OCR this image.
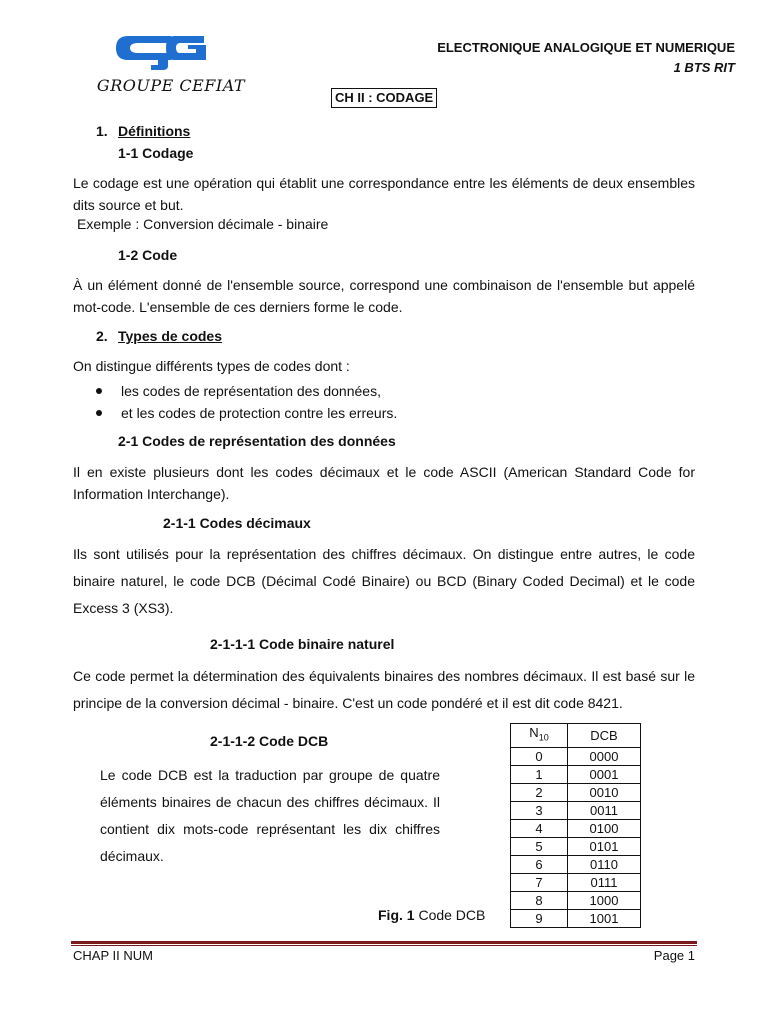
GROUPE CEFIAT
ELECTRONIQUE ANALOGIQUE ET NUMERIQUE
1 BTS RIT
CH II : CODAGE
1. Définitions
1-1 Codage
Le codage est une opération qui établit une correspondance entre les éléments de deux ensembles dits source et but.
Exemple : Conversion décimale - binaire
1-2 Code
À un élément donné de l'ensemble source, correspond une combinaison de l'ensemble but appelé mot-code. L'ensemble de ces derniers forme le code.
2. Types de codes
On distingue différents types de codes dont :
les codes de représentation des données,
et les codes de protection contre les erreurs.
2-1 Codes de représentation des données
Il en existe plusieurs dont les codes décimaux et le code ASCII (American Standard Code for Information Interchange).
2-1-1 Codes décimaux
Ils sont utilisés pour la représentation des chiffres décimaux. On distingue entre autres, le code binaire naturel, le code DCB (Décimal Codé Binaire) ou BCD (Binary Coded Decimal) et le code Excess 3 (XS3).
2-1-1-1 Code binaire naturel
Ce code permet la détermination des équivalents binaires des nombres décimaux. Il est basé sur le principe de la conversion décimal - binaire. C'est un code pondéré et il est dit code 8421.
2-1-1-2 Code DCB
Le code DCB est la traduction par groupe de quatre éléments binaires de chacun des chiffres décimaux. Il contient dix mots-code représentant les dix chiffres décimaux.
$N_{10}$	DCB
0	0000
1	0001
2	0010
3	0011
4	0100
5	0101
6	0110
7	0111
8	1000
9	1001
Fig. 1 Code DCB
CHAP II NUM	Page 1
